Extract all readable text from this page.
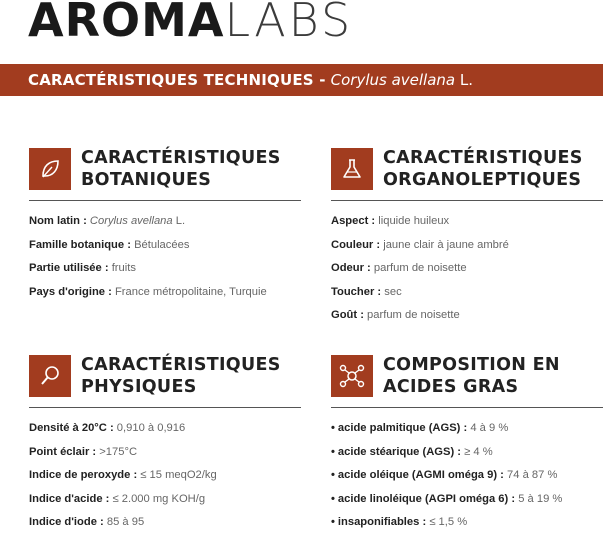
AROMALABS
CARACTÉRISTIQUES TECHNIQUES - Corylus avellana L.
CARACTÉRISTIQUES
BOTANIQUES
Nom latin : Corylus avellana L.
Famille botanique : Bétulacées
Partie utilisée : fruits
Pays d'origine : France métropolitaine, Turquie
CARACTÉRISTIQUES
ORGANOLEPTIQUES
Aspect : liquide huileux
Couleur : jaune clair à jaune ambré
Odeur : parfum de noisette
Toucher : sec
Goût : parfum de noisette
CARACTÉRISTIQUES
PHYSIQUES
Densité à 20°C : 0,910 à 0,916
Point éclair : >175°C
Indice de peroxyde : ≤ 15 meqO2/kg
Indice d'acide : ≤ 2.000 mg KOH/g
Indice d'iode : 85 à 95
COMPOSITION EN
ACIDES GRAS
• acide palmitique (AGS) : 4 à 9 %
• acide stéarique (AGS) : ≥ 4 %
• acide oléique (AGMI oméga 9) : 74 à 87 %
• acide linoléique (AGPI oméga 6) : 5 à 19 %
• insaponifiables : ≤ 1,5 %
